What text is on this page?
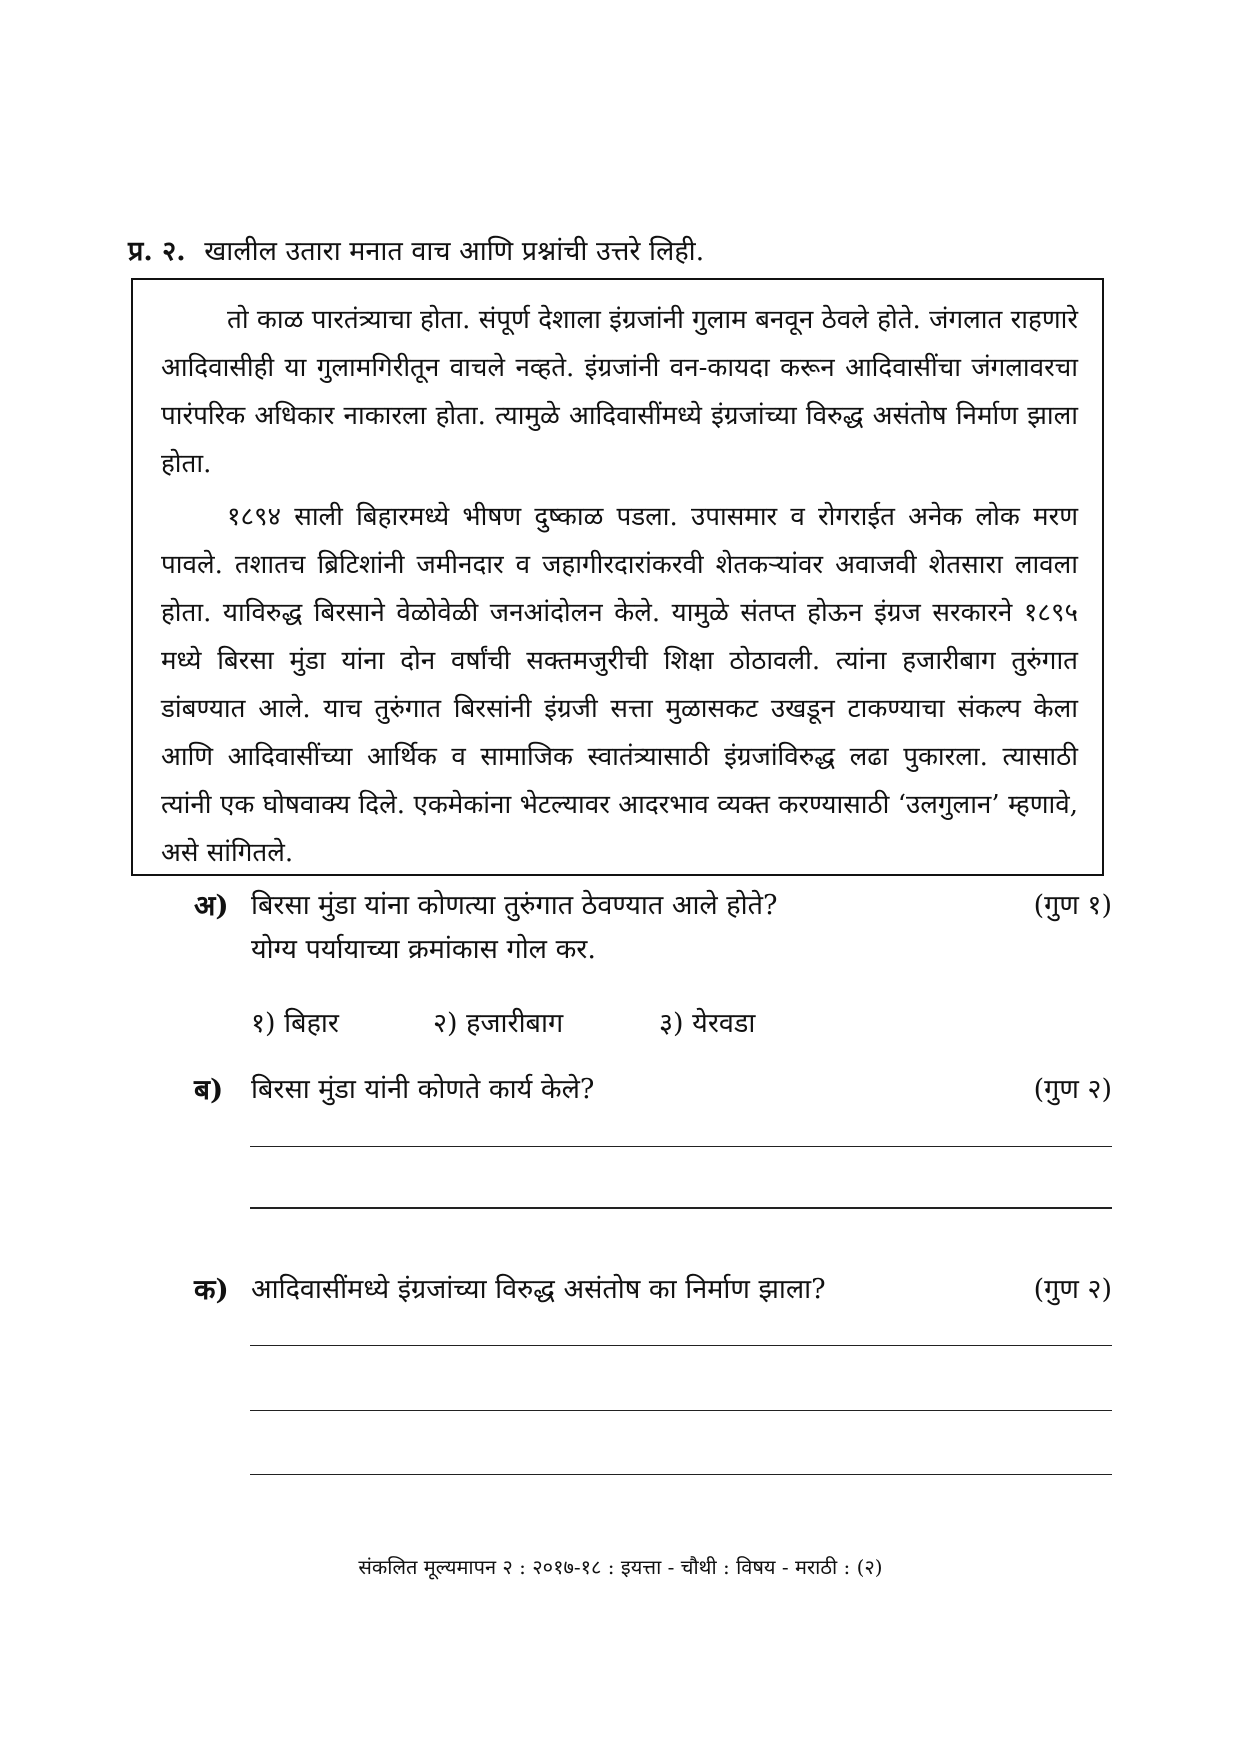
प्र. २. खालील उतारा मनात वाच आणि प्रश्नांची उत्तरे लिही.

तो काळ पारतंत्र्याचा होता. संपूर्ण देशाला इंग्रजांनी गुलाम बनवून ठेवले होते. जंगलात राहणारे आदिवासीही या गुलामगिरीतून वाचले नव्हते. इंग्रजांनी वन-कायदा करून आदिवासींचा जंगलावरचा पारंपरिक अधिकार नाकारला होता. त्यामुळे आदिवासींमध्ये इंग्रजांच्या विरुद्ध असंतोष निर्माण झाला होता.

१८९४ साली बिहारमध्ये भीषण दुष्काळ पडला. उपासमार व रोगराईत अनेक लोक मरण पावले. तशातच ब्रिटिशांनी जमीनदार व जहागीरदारांकरवी शेतकऱ्यांवर अवाजवी शेतसारा लावला होता. याविरुद्ध बिरसाने वेळोवेळी जनआंदोलन केले. यामुळे संतप्त होऊन इंग्रज सरकारने १८९५ मध्ये बिरसा मुंडा यांना दोन वर्षांची सक्तमजुरीची शिक्षा ठोठावली. त्यांना हजारीबाग तुरुंगात डांबण्यात आले. याच तुरुंगात बिरसांनी इंग्रजी सत्ता मुळासकट उखडून टाकण्याचा संकल्प केला आणि आदिवासींच्या आर्थिक व सामाजिक स्वातंत्र्यासाठी इंग्रजांविरुद्ध लढा पुकारला. त्यासाठी त्यांनी एक घोषवाक्य दिले. एकमेकांना भेटल्यावर आदरभाव व्यक्त करण्यासाठी ‘उलगुलान’ म्हणावे, असे सांगितले.

अ) बिरसा मुंडा यांना कोणत्या तुरुंगात ठेवण्यात आले होते?
योग्य पर्यायाच्या क्रमांकास गोल कर.
(गुण १)
१) बिहार	२) हजारीबाग	३) येरवडा
ब) बिरसा मुंडा यांनी कोणते कार्य केले?	(गुण २)
क) आदिवासींमध्ये इंग्रजांच्या विरुद्ध असंतोष का निर्माण झाला?	(गुण २)
संकलित मूल्यमापन २ : २०१७-१८ : इयत्ता - चौथी : विषय - मराठी : (२)
